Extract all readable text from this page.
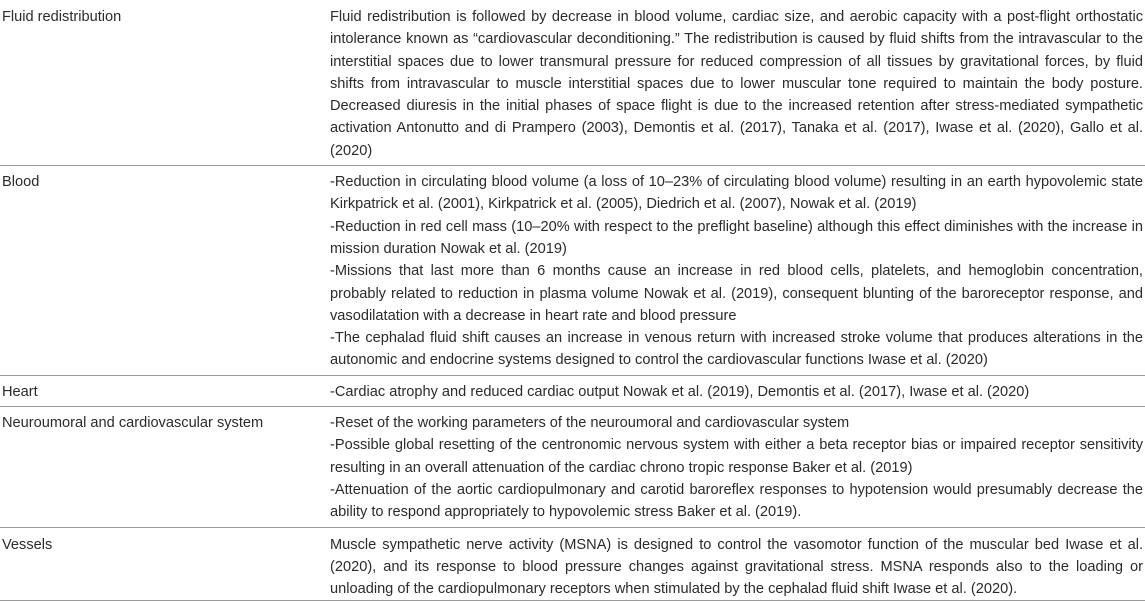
Fluid redistribution	Fluid redistribution is followed by decrease in blood volume, cardiac size, and aerobic capacity with a post-flight orthostatic intolerance known as “cardiovascular deconditioning.” The redistribution is caused by fluid shifts from the intravascular to the interstitial spaces due to lower transmural pressure for reduced compression of all tissues by gravitational forces, by fluid shifts from intravascular to muscle interstitial spaces due to lower muscular tone required to maintain the body posture. Decreased diuresis in the initial phases of space flight is due to the increased retention after stress-mediated sympathetic activation Antonutto and di Prampero (2003), Demontis et al. (2017), Tanaka et al. (2017), Iwase et al. (2020), Gallo et al. (2020)

Blood	-Reduction in circulating blood volume (a loss of 10–23% of circulating blood volume) resulting in an earth hypovolemic state Kirkpatrick et al. (2001), Kirkpatrick et al. (2005), Diedrich et al. (2007), Nowak et al. (2019)
-Reduction in red cell mass (10–20% with respect to the preflight baseline) although this effect diminishes with the increase in mission duration Nowak et al. (2019)
-Missions that last more than 6 months cause an increase in red blood cells, platelets, and hemoglobin concentration, probably related to reduction in plasma volume Nowak et al. (2019), consequent blunting of the baroreceptor response, and vasodilatation with a decrease in heart rate and blood pressure
-The cephalad fluid shift causes an increase in venous return with increased stroke volume that produces alterations in the autonomic and endocrine systems designed to control the cardiovascular functions Iwase et al. (2020)

Heart	-Cardiac atrophy and reduced cardiac output Nowak et al. (2019), Demontis et al. (2017), Iwase et al. (2020)

Neuroumoral and cardiovascular system	-Reset of the working parameters of the neuroumoral and cardiovascular system
-Possible global resetting of the centronomic nervous system with either a beta receptor bias or impaired receptor sensitivity resulting in an overall attenuation of the cardiac chrono tropic response Baker et al. (2019)
-Attenuation of the aortic cardiopulmonary and carotid baroreflex responses to hypotension would presumably decrease the ability to respond appropriately to hypovolemic stress Baker et al. (2019).

Vessels	Muscle sympathetic nerve activity (MSNA) is designed to control the vasomotor function of the muscular bed Iwase et al. (2020), and its response to blood pressure changes against gravitational stress. MSNA responds also to the loading or unloading of the cardiopulmonary receptors when stimulated by the cephalad fluid shift Iwase et al. (2020).
